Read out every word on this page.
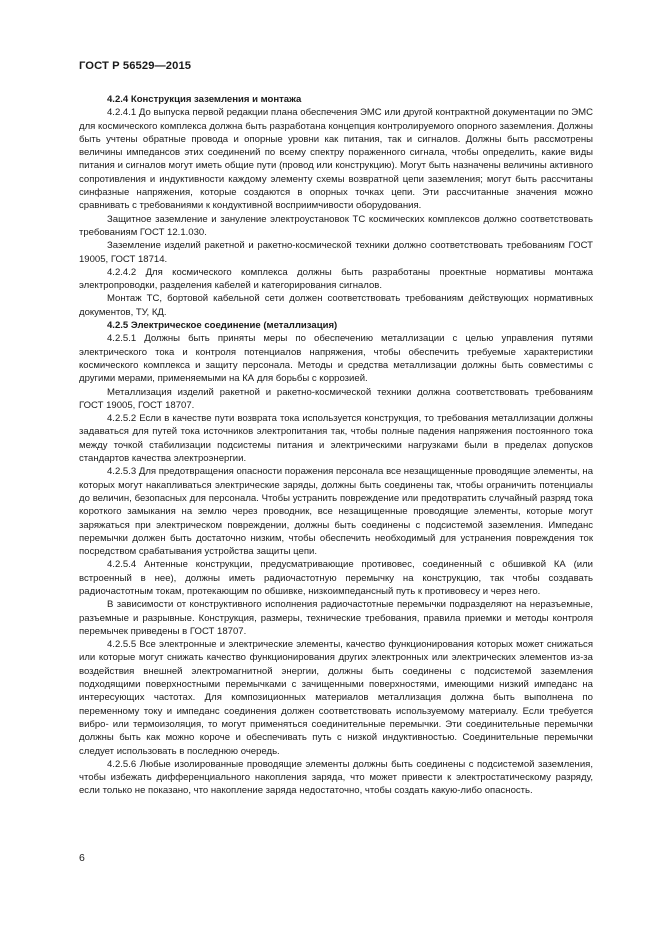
ГОСТ Р 56529—2015

4.2.4 Конструкция заземления и монтажа

4.2.4.1 До выпуска первой редакции плана обеспечения ЭМС или другой контрактной документации по ЭМС для космического комплекса должна быть разработана концепция контролируемого опорного заземления. Должны быть учтены обратные провода и опорные уровни как питания, так и сигналов. Должны быть рассмотрены величины импедансов этих соединений по всему спектру пораженного сигнала, чтобы определить, какие виды питания и сигналов могут иметь общие пути (провод или конструкцию). Могут быть назначены величины активного сопротивления и индуктивности каждому элементу схемы возвратной цепи заземления; могут быть рассчитаны синфазные напряжения, которые создаются в опорных точках цепи. Эти рассчитанные значения можно сравнивать с требованиями к кондуктивной восприимчивости оборудования.

Защитное заземление и зануление электроустановок ТС космических комплексов должно соответствовать требованиям ГОСТ 12.1.030.

Заземление изделий ракетной и ракетно-космической техники должно соответствовать требованиям ГОСТ 19005, ГОСТ 18714.

4.2.4.2 Для космического комплекса должны быть разработаны проектные нормативы монтажа электропроводки, разделения кабелей и категорирования сигналов.

Монтаж ТС, бортовой кабельной сети должен соответствовать требованиям действующих нормативных документов, ТУ, КД.

4.2.5 Электрическое соединение (металлизация)

4.2.5.1 Должны быть приняты меры по обеспечению металлизации с целью управления путями электрического тока и контроля потенциалов напряжения, чтобы обеспечить требуемые характеристики космического комплекса и защиту персонала. Методы и средства металлизации должны быть совместимы с другими мерами, применяемыми на КА для борьбы с коррозией.

Металлизация изделий ракетной и ракетно-космической техники должна соответствовать требованиям ГОСТ 19005, ГОСТ 18707.

4.2.5.2 Если в качестве пути возврата тока используется конструкция, то требования металлизации должны задаваться для путей тока источников электропитания так, чтобы полные падения напряжения постоянного тока между точкой стабилизации подсистемы питания и электрическими нагрузками были в пределах допусков стандартов качества электроэнергии.

4.2.5.3 Для предотвращения опасности поражения персонала все незащищенные проводящие элементы, на которых могут накапливаться электрические заряды, должны быть соединены так, чтобы ограничить потенциалы до величин, безопасных для персонала. Чтобы устранить повреждение или предотвратить случайный разряд тока короткого замыкания на землю через проводник, все незащищенные проводящие элементы, которые могут заряжаться при электрическом повреждении, должны быть соединены с подсистемой заземления. Импеданс перемычки должен быть достаточно низким, чтобы обеспечить необходимый для устранения повреждения ток посредством срабатывания устройства защиты цепи.

4.2.5.4 Антенные конструкции, предусматривающие противовес, соединенный с обшивкой КА (или встроенный в нее), должны иметь радиочастотную перемычку на конструкцию, так чтобы создавать радиочастотным токам, протекающим по обшивке, низкоимпедансный путь к противовесу и через него.

В зависимости от конструктивного исполнения радиочастотные перемычки подразделяют на неразъемные, разъемные и разрывные. Конструкция, размеры, технические требования, правила приемки и методы контроля перемычек приведены в ГОСТ 18707.

4.2.5.5 Все электронные и электрические элементы, качество функционирования которых может снижаться или которые могут снижать качество функционирования других электронных или электрических элементов из-за воздействия внешней электромагнитной энергии, должны быть соединены с подсистемой заземления подходящими поверхностными перемычками с зачищенными поверхностями, имеющими низкий импеданс на интересующих частотах. Для композиционных материалов металлизация должна быть выполнена по переменному току и импеданс соединения должен соответствовать используемому материалу. Если требуется вибро- или термоизоляция, то могут применяться соединительные перемычки. Эти соединительные перемычки должны быть как можно короче и обеспечивать путь с низкой индуктивностью. Соединительные перемычки следует использовать в последнюю очередь.

4.2.5.6 Любые изолированные проводящие элементы должны быть соединены с подсистемой заземления, чтобы избежать дифференциального накопления заряда, что может привести к электростатическому разряду, если только не показано, что накопление заряда недостаточно, чтобы создать какую-либо опасность.

6
